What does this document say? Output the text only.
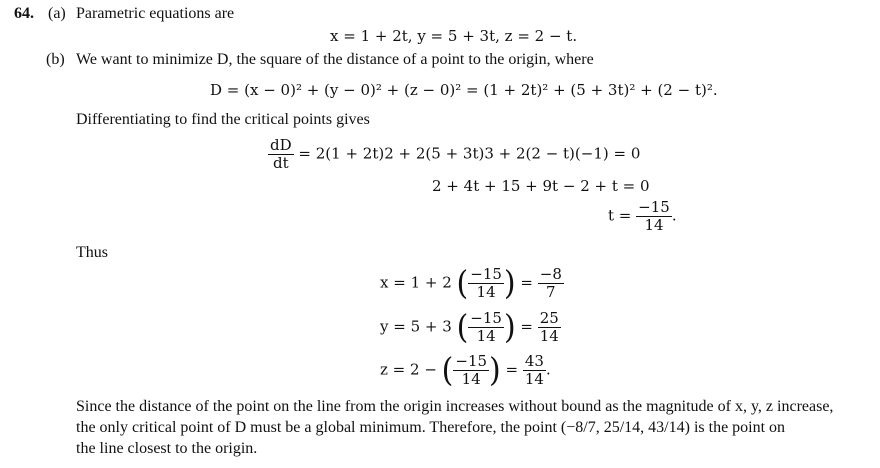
64. (a) Parametric equations are
x = 1 + 2t, y = 5 + 3t, z = 2 − t.
(b) We want to minimize D, the square of the distance of a point to the origin, where
D = (x − 0)² + (y − 0)² + (z − 0)² = (1 + 2t)² + (5 + 3t)² + (2 − t)².
Differentiating to find the critical points gives
$\frac{dD}{dt} = 2(1 + 2t)2 + 2(5 + 3t)3 + 2(2 - t)(-1) = 0$
2 + 4t + 15 + 9t − 2 + t = 0
$t = \frac{-15}{14}$ .
Thus
x = 1 + 2 ( $\frac{-15}{14}$ ) = $\frac{-8}{7}$
y = 5 + 3 ( $\frac{-15}{14}$ ) = $\frac{25}{14}$
z = 2 − ( $\frac{-15}{14}$ ) = $\frac{43}{14}$ .
Since the distance of the point on the line from the origin increases without bound as the magnitude of x, y, z increase,
the only critical point of D must be a global minimum. Therefore, the point (−8/7, 25/14, 43/14) is the point on
the line closest to the origin.
